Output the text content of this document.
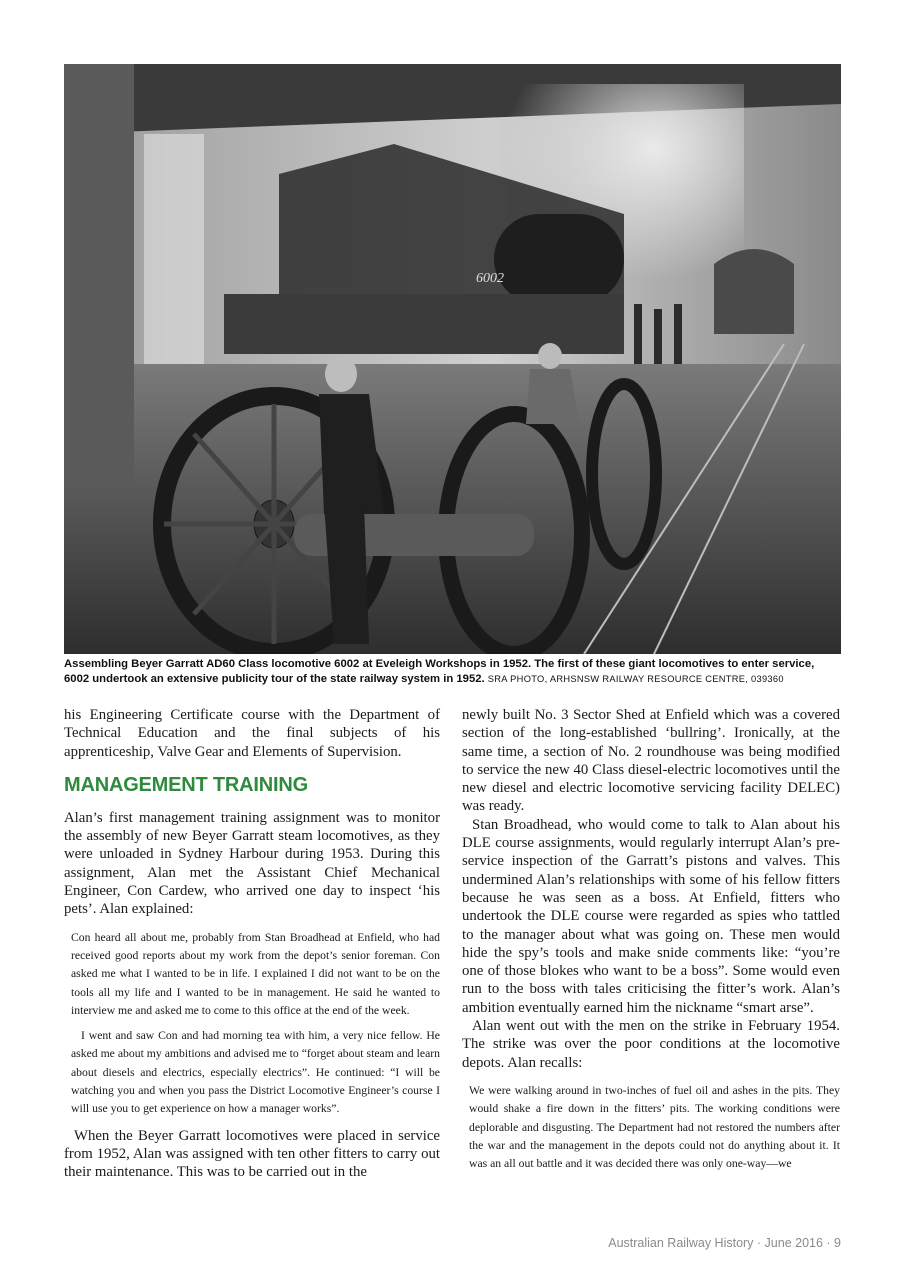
6002
Assembling Beyer Garratt AD60 Class locomotive 6002 at Eveleigh Workshops in 1952. The first of these giant locomotives to enter service, 6002 undertook an extensive publicity tour of the state railway system in 1952. SRA PHOTO, ARHSNSW RAILWAY RESOURCE CENTRE, 039360

his Engineering Certificate course with the Department of Technical Education and the final subjects of his apprenticeship, Valve Gear and Elements of Supervision.

MANAGEMENT TRAINING

Alan’s first management training assignment was to monitor the assembly of new Beyer Garratt steam locomotives, as they were unloaded in Sydney Harbour during 1953. During this assignment, Alan met the Assistant Chief Mechanical Engineer, Con Cardew, who arrived one day to inspect ‘his pets’. Alan explained:

Con heard all about me, probably from Stan Broadhead at Enfield, who had received good reports about my work from the depot’s senior foreman. Con asked me what I wanted to be in life. I explained I did not want to be on the tools all my life and I wanted to be in management. He said he wanted to interview me and asked me to come to this office at the end of the week.

I went and saw Con and had morning tea with him, a very nice fellow. He asked me about my ambitions and advised me to “forget about steam and learn about diesels and electrics, especially electrics”. He continued: “I will be watching you and when you pass the District Locomotive Engineer’s course I will use you to get experience on how a manager works”.

When the Beyer Garratt locomotives were placed in service from 1952, Alan was assigned with ten other fitters to carry out their maintenance. This was to be carried out in the

newly built No. 3 Sector Shed at Enfield which was a covered section of the long-established ‘bullring’. Ironically, at the same time, a section of No. 2 roundhouse was being modified to service the new 40 Class diesel-electric locomotives until the new diesel and electric locomotive servicing facility DELEC) was ready.

Stan Broadhead, who would come to talk to Alan about his DLE course assignments, would regularly interrupt Alan’s pre-service inspection of the Garratt’s pistons and valves. This undermined Alan’s relationships with some of his fellow fitters because he was seen as a boss. At Enfield, fitters who undertook the DLE course were regarded as spies who tattled to the manager about what was going on. These men would hide the spy’s tools and make snide comments like: “you’re one of those blokes who want to be a boss”. Some would even run to the boss with tales criticising the fitter’s work. Alan’s ambition eventually earned him the nickname “smart arse”.

Alan went out with the men on the strike in February 1954. The strike was over the poor conditions at the locomotive depots. Alan recalls:

We were walking around in two-inches of fuel oil and ashes in the pits. They would shake a fire down in the fitters’ pits. The working conditions were deplorable and disgusting. The Department had not restored the numbers after the war and the management in the depots could not do anything about it. It was an all out battle and it was decided there was only one-way—we

Australian Railway History · June 2016 · 9
